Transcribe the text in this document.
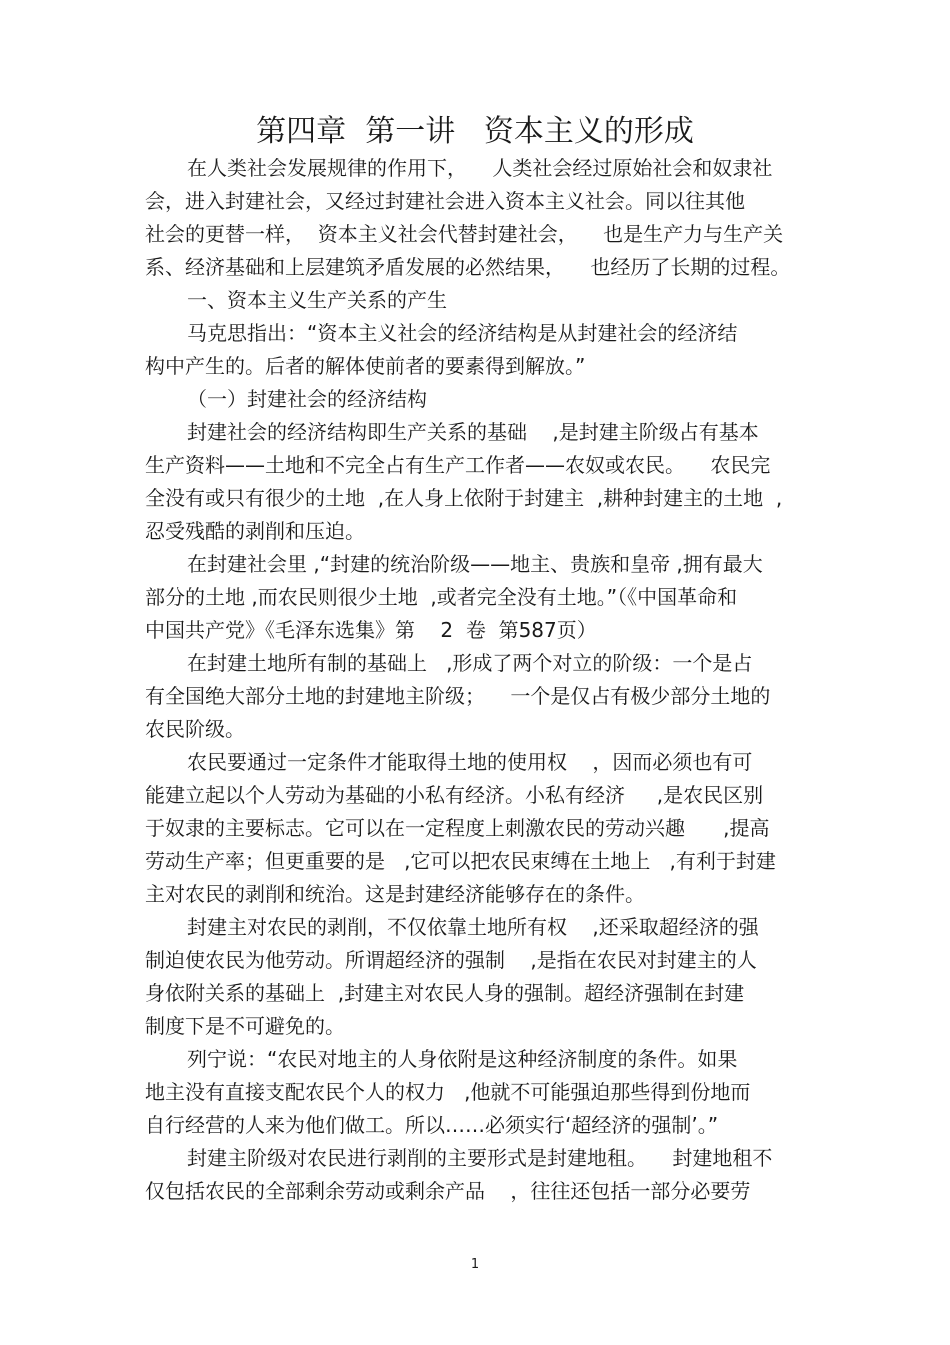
第四章  第一讲   资本主义的形成
在人类社会发展规律的作用下，    人类社会经过原始社会和奴隶社
会，进入封建社会，又经过封建社会进入资本主义社会。同以往其他
社会的更替一样，  资本主义社会代替封建社会，    也是生产力与生产关
系、经济基础和上层建筑矛盾发展的必然结果，    也经历了长期的过程。
一、资本主义生产关系的产生
马克思指出：“资本主义社会的经济结构是从封建社会的经济结
构中产生的。后者的解体使前者的要素得到解放。”
（一）封建社会的经济结构
封建社会的经济结构即生产关系的基础    ,是封建主阶级占有基本
生产资料——土地和不完全占有生产工作者——农奴或农民。    农民完
全没有或只有很少的土地  ,在人身上依附于封建主  ,耕种封建主的土地  ,
忍受残酷的剥削和压迫。
在封建社会里 ,“封建的统治阶级——地主、贵族和皇帝 ,拥有最大
部分的土地 ,而农民则很少土地  ,或者完全没有土地。”（《中国革命和
中国共产党》《毛泽东选集》第    2  卷  第587页）
在封建土地所有制的基础上   ,形成了两个对立的阶级：一个是占
有全国绝大部分土地的封建地主阶级；    一个是仅占有极少部分土地的
农民阶级。
农民要通过一定条件才能取得土地的使用权    ，因而必须也有可
能建立起以个人劳动为基础的小私有经济。小私有经济     ,是农民区别
于奴隶的主要标志。它可以在一定程度上刺激农民的劳动兴趣      ,提高
劳动生产率；但更重要的是   ,它可以把农民束缚在土地上   ,有利于封建
主对农民的剥削和统治。这是封建经济能够存在的条件。
封建主对农民的剥削，不仅依靠土地所有权    ,还采取超经济的强
制迫使农民为他劳动。所谓超经济的强制    ,是指在农民对封建主的人
身依附关系的基础上  ,封建主对农民人身的强制。超经济强制在封建
制度下是不可避免的。
列宁说：“农民对地主的人身依附是这种经济制度的条件。如果
地主没有直接支配农民个人的权力   ,他就不可能强迫那些得到份地而
自行经营的人来为他们做工。所以……必须实行‘超经济的强制’。”
封建主阶级对农民进行剥削的主要形式是封建地租。    封建地租不
仅包括农民的全部剩余劳动或剩余产品    ，往往还包括一部分必要劳
1
